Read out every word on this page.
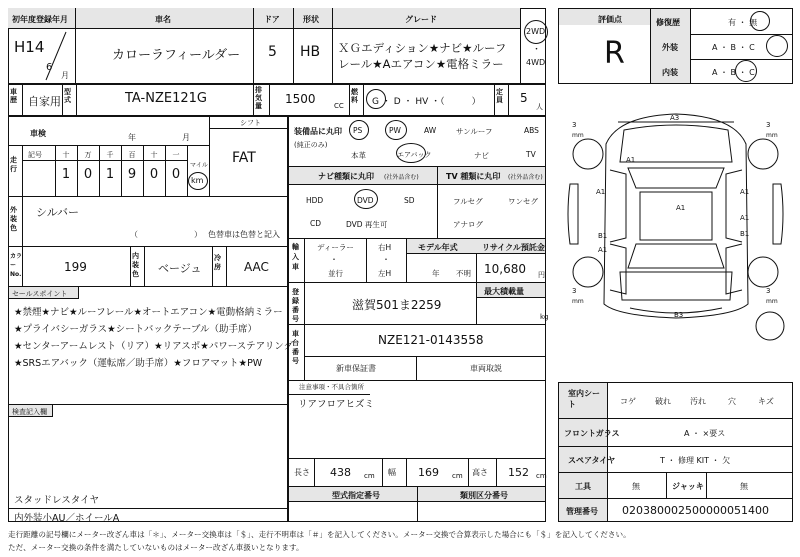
初年度登録年月	車名	ドア	形状	グレード
H14
6
月
カローラフィールダー 5 HB ＸＧエディション★ナビ★ルーフ
レール★Aエアコン★電格ミラー
2WD
・
4WD
車歴 自家用
型式	TA-NZE121G
排気量 1500	CC
燃料	G ・ D ・ HV ・（　　　）
定員 5
人
車検	年	月
シフト
FAT
走行
記号	十	万	千	百	十	一
1	0	1	9	0	0
マイル
km
外装色
シルバー
（　　　　　　　） 色替車は色替と記入
カラーNo.
199
内装色 ベージュ
冷房 AAC
セールスポイント
★禁煙★ナビ★ルーフレール★オートエアコン★電動格納ミラー
★プライバシーガラス★シートバックテーブル（助手席）
★センターアームレスト（リア）★リアスポ★パワーステアリング
★SRSエアバック（運転席／助手席）★フロアマット★PW
検査記入欄
スタッドレスタイヤ
内外装小AU／ホイールA
装備品に丸印
(純正のみ)
PS	PW	AW	サンルーフ	ABS
本革	エアバック	ナビ	TV
ナビ種類に丸印 (社外品含む)	TV 種類に丸印 (社外品含む)
HDD	DVD	SD
CD	DVD 再生可
フルセグ	ワンセグ
アナログ
輸入車
ディーラー
・
並行
右H
・
左H
モデル年式
年 不明
リサイクル預託金
10,680 円
登録番号
滋賀501ま2259
最大積載量
kg
車台番号
NZE121-0143558
新車保証書	車両取説
注意事項・不具合箇所
リアフロアヒズミ
長さ 438 cm 幅 169 cm 高さ 152 cm
型式指定番号	類別区分番号
評価点
R
修復歴	有 ・ 無
外装	A ・ B ・ C
内装	A ・ B ・ C
3
mm
3
mm
3
mm
3
mm
A3
A1
A1	A1
A1
A1
B1
A1
B1
B3
室内シート	コゲ 破れ 汚れ	穴	キズ
フロントガラス	A ・ ×要ス
スペアタイヤ	T ・ 修理 KIT ・ 欠
工具	無	ジャッキ	無
管理番号 020380002500000051400
走行距離の記号欄にメーター改ざん車は「＊」、メーター交換車は「＄」、走行不明車は「＃」を記入してください。メーター交換で合算表示した場合にも「＄」を記入してください。
ただ、メーター交換の条件を満たしていないものはメーター改ざん車扱いとなります。
